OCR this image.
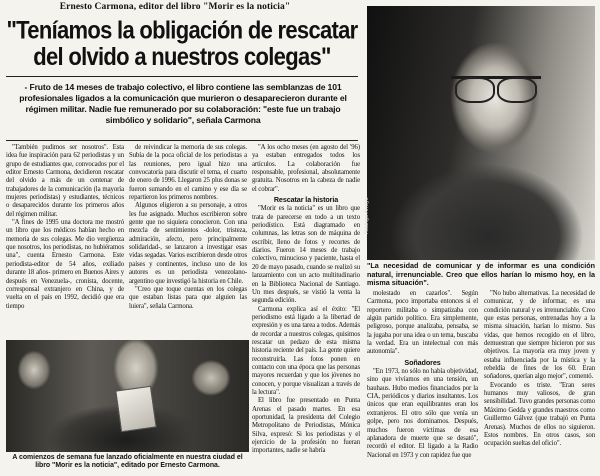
Ernesto Carmona, editor del libro "Morir es la noticia"
"Teníamos la obligación de rescatar del olvido a nuestros colegas"
- Fruto de 14 meses de trabajo colectivo, el libro contiene las semblanzas de 101 profesionales ligados a la comunicación que murieron o desaparecieron durante el régimen militar. Nadie fue remunerado por su colaboración: "este fue un trabajo simbólico y solidario", señala Carmona

"También pudimos ser nosotros". Esta idea fue inspiración para 62 periodistas y un grupo de estudiantes que, convocados por el editor Ernesto Carmona, decidieron rescatar del olvido a más de un centenar de trabajadores de la comunicación (la mayoría mujeres periodistas) y estudiantes, técnicos o desaparecidos durante los primeros años del régimen militar.

"A fines de 1995 una doctora me mostró un libro que los médicos habían hecho en memoria de sus colegas. Me dio vergüenza que nosotros, los periodistas, no hubiéramos una", cuenta Ernesto Carmona. Este periodista-editor de 54 años, exiliado durante 18 años- primero en Buenos Aires y después en Venezuela-, cronista, docente, corresponsal extranjero en China, y de vuelta en el país en 1992, decidió que era tiempo

de reivindicar la memoria de sus colegas. Subía de la poca oficial de los periodistas a las reuniones, pero igual hizo una convocatoria para discutir el tema, el cuarto de enero de 1996. Llegaron 25 plus donas se fueron sumando en el camino y ese día se repartieron los primeros nombres.

Algunos eligieron a su personaje, a otros les fue asignado. Muchos escribieron sobre gente que no siquiera conocieron. Con una mezcla de sentimientos -dolor, tristeza, admiración, afecto, pero principalmente solidaridad-, se lanzaron a investigar esas vidas segadas. Varios escribieron desde otros países y continentes, incluso uno de los autores es un periodista venezolano-argentino que investigó la historia en Chile.

"Creo que toque cuentas en los colegas que estaban listas para que alguien las luiera", señala Carmona.

"A los ocho meses (en agosto del '96) ya estaban entregados todos los artículos. La colaboración fue responsable, profesional, absolutamente gratuita. Nosotros en la cabeza de nadie el cobrar".

Rescatar la historia

"Morir es la noticia" es un libro que trata de parecerse en todo a un texto periodístico. Está diagramado en columnas, las letras son de máquina de escribir, lleno de fotos y recortes de diarios. Fueron 14 meses de trabajo colectivo, minucioso y paciente, hasta el 20 de mayo pasado, cuando se realizó su lanzamiento con un acto multitudinario en la Biblioteca Nacional de Santiago. Un mes después, se vistió la venta la segunda edición.

Carmona explica así el éxito: "El periodismo está ligado a la libertad de expresión y es una tarea a todos. Además de recordar a nuestros colegas, quisimos rescatar un pedazo de esta misma historia reciente del país. La gente quiere reconstruirla. Las fotos ponen en contacto con una época que las personas mayores recuerdan y que los jóvenes no conocen, y porque visualizan a través de la lectura".

El libro fue presentado en Punta Arenas el pasado martes. En esa oportunidad, la presidenta del Colegio Metropolitano de Periodistas, Mónica Silva, expresó: Si los periodistas y el ejercicio de la profesión no fueran importantes, nadie se habría

Rodrigo Arroyo
"La necesidad de comunicar y de informar es una condición natural, irrenunciable. Creo que ellos harían lo mismo hoy, en la misma situación".

molestado en cazarlos". Según Carmona, poco importaba entonces si el reportero militaba o simpatizaba con algún partido político. Era simplemente, peligroso, porque analizaba, pensaba, se la jugaba por una idea o un tema, buscaba la verdad. Era un intelectual con más autonomía".

Soñadores

"En 1973, no sólo no había objetividad, sino que vivíamos en una tensión, un bauhaus. Hubo medios financiados por la CIA, periódicos y diarios insultantes. Los únicos que eran equilibrantes eran los extranjeros. El otro sólo que venía un golpe, pero nos dominamos. Después, muchos fueron víctimas de esa aplanadora de muerte que se desató", recordó el editor. El ligado a la Radio Nacional en 1973 y con rapidez fue que

"No hubo alternativas. La necesidad de comunicar, y de informar, es una condición natural y es irrenunciable. Creo que estas personas, entrenadas hoy a la misma situación, harían lo mismo. Sus vidas, que hemos recogido en el libro, demuestran que siempre hicieron por sus objetivos. La mayoría era muy joven y estaba influenciada por la mística y la rebeldía de fines de los 60. Eran soñadores, querían algo mejor", comentó.

Evocando es triste. "Eran seres humanos muy valiosos, de gran sensibilidad. Tuvo grandes personas como Máximo Gedda y grandes maestros como Guillermo Gálvez (que trabajó en Punta Arenas). Muchos de ellos no siguieron. Estos nombres. En otros casos, son ocupación sueltas del oficio".

A comienzos de semana fue lanzado oficialmente en nuestra ciudad el libro "Morir es la noticia", editado por Ernesto Carmona.
